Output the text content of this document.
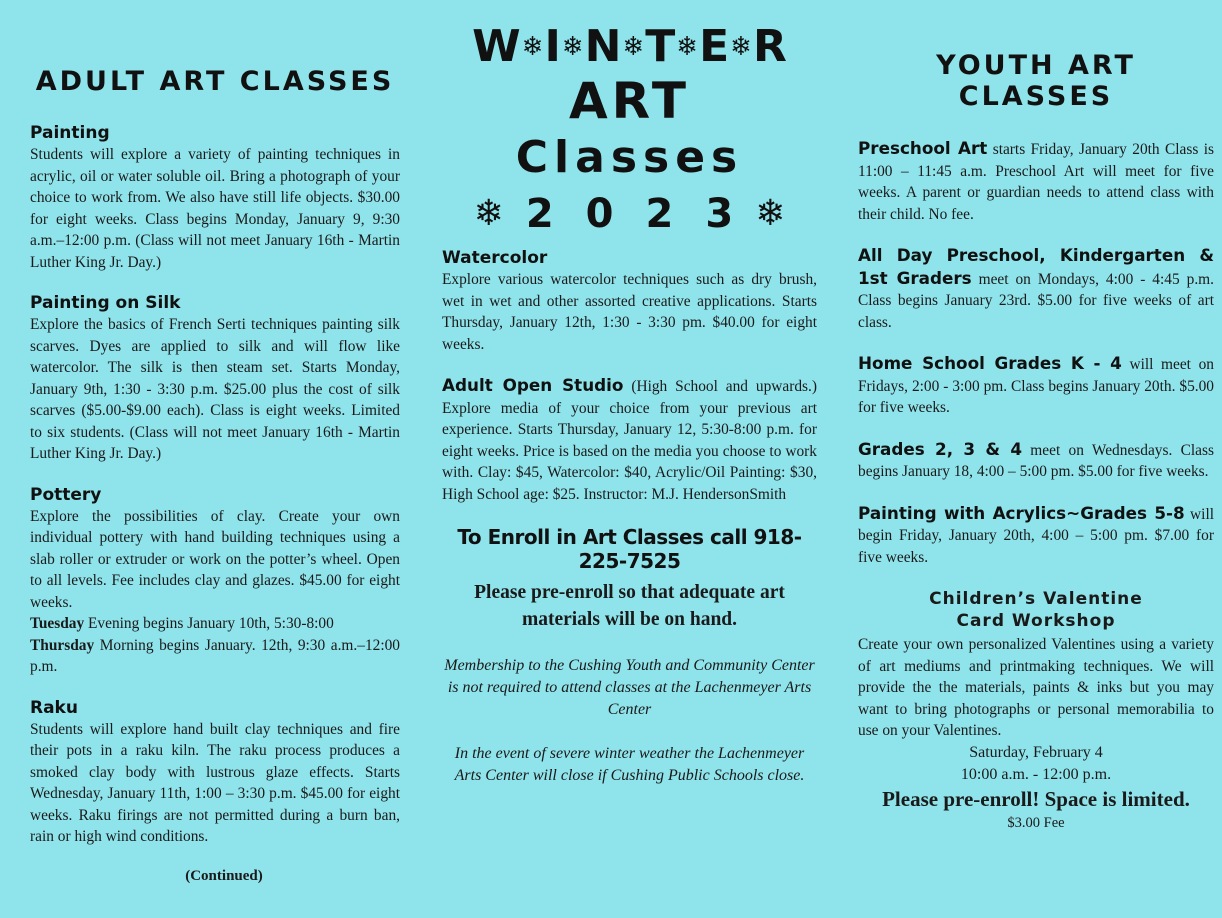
ADULT ART CLASSES
Painting

Students will explore a variety of painting techniques in acrylic, oil or water soluble oil. Bring a photograph of your choice to work from. We also have still life objects. $30.00 for eight weeks. Class begins Monday, January 9, 9:30 a.m.–12:00 p.m. (Class will not meet January 16th - Martin Luther King Jr. Day.)

Painting on Silk

Explore the basics of French Serti techniques painting silk scarves. Dyes are applied to silk and will flow like watercolor. The silk is then steam set. Starts Monday, January 9th, 1:30 - 3:30 p.m. $25.00 plus the cost of silk scarves ($5.00-$9.00 each). Class is eight weeks. Limited to six students. (Class will not meet January 16th - Martin Luther King Jr. Day.)

Pottery

Explore the possibilities of clay. Create your own individual pottery with hand building techniques using a slab roller or extruder or work on the potter’s wheel. Open to all levels. Fee includes clay and glazes. $45.00 for eight weeks.

Tuesday Evening begins January 10th, 5:30-8:00

Thursday Morning begins January. 12th, 9:30 a.m.–12:00 p.m.

Raku

Students will explore hand built clay techniques and fire their pots in a raku kiln. The raku process produces a smoked clay body with lustrous glaze effects. Starts Wednesday, January 11th, 1:00 – 3:30 p.m. $45.00 for eight weeks. Raku firings are not permitted during a burn ban, rain or high wind conditions.

(Continued)
W ❄ I ❄ N ❄ T ❄ E ❄ R
ART
Classes
❄ 2 0 2 3 ❄
Watercolor

Explore various watercolor techniques such as dry brush, wet in wet and other assorted creative applications. Starts Thursday, January 12th, 1:30 - 3:30 pm. $40.00 for eight weeks.

Adult Open Studio (High School and upwards.) Explore media of your choice from your previous art experience. Starts Thursday, January 12, 5:30-8:00 p.m. for eight weeks. Price is based on the media you choose to work with. Clay: $45, Watercolor: $40, Acrylic/Oil Painting: $30, High School age: $25. Instructor: M.J. HendersonSmith

To Enroll in Art Classes call 918-225-7525
Please pre-enroll so that adequate art materials will be on hand.
Membership to the Cushing Youth and Community Center is not required to attend classes at the Lachenmeyer Arts Center
In the event of severe winter weather the Lachenmeyer Arts Center will close if Cushing Public Schools close.
YOUTH ART CLASSES

Preschool Art starts Friday, January 20th Class is 11:00 – 11:45 a.m. Preschool Art will meet for five weeks. A parent or guardian needs to attend class with their child. No fee.

All Day Preschool, Kindergarten & 1st Graders meet on Mondays, 4:00 - 4:45 p.m. Class begins January 23rd. $5.00 for five weeks of art class.

Home School Grades K - 4 will meet on Fridays, 2:00 - 3:00 pm. Class begins January 20th. $5.00 for five weeks.

Grades 2, 3 & 4 meet on Wednesdays. Class begins January 18, 4:00 – 5:00 pm. $5.00 for five weeks.

Painting with Acrylics~Grades 5-8 will begin Friday, January 20th, 4:00 – 5:00 pm. $7.00 for five weeks.

Children’s Valentine
Card Workshop

Create your own personalized Valentines using a variety of art mediums and printmaking techniques. We will provide the the materials, paints & inks but you may want to bring photographs or personal memorabilia to use on your Valentines.

Saturday, February 4
10:00 a.m. - 12:00 p.m.
Please pre-enroll! Space is limited.
$3.00 Fee
